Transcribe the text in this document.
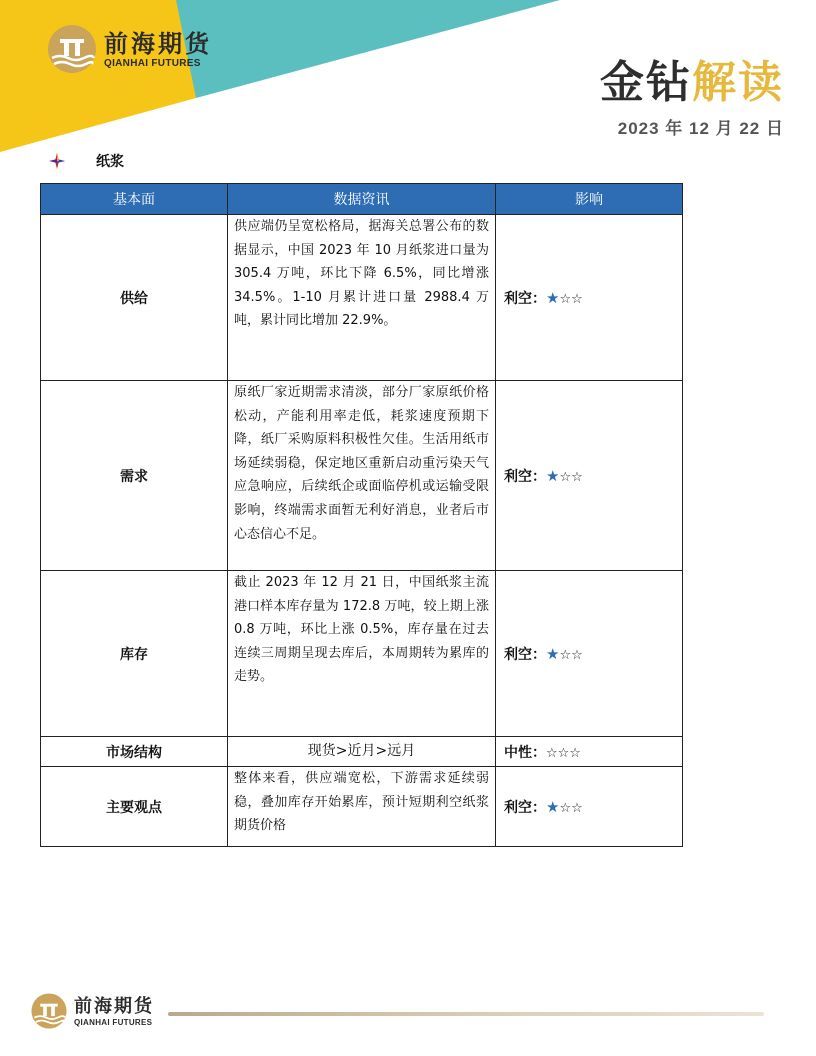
前海期货
QIANHAI FUTURES	金钻解读
2023 年 12 月 22 日
纸浆
基本面	数据资讯	影响
供给	供应端仍呈宽松格局，据海关总署公布的数据显示，中国 2023 年 10 月纸浆进口量为 305.4 万吨，环比下降 6.5%，同比增涨 34.5%。1-10 月累计进口量 2988.4 万吨，累计同比增加 22.9%。	利空：★☆☆
需求	原纸厂家近期需求清淡，部分厂家原纸价格松动，产能利用率走低，耗浆速度预期下降，纸厂采购原料积极性欠佳。生活用纸市场延续弱稳，保定地区重新启动重污染天气应急响应，后续纸企或面临停机或运输受限影响，终端需求面暂无利好消息，业者后市心态信心不足。	利空：★☆☆
库存	截止 2023 年 12 月 21 日，中国纸浆主流港口样本库存量为 172.8 万吨，较上期上涨 0.8 万吨，环比上涨 0.5%，库存量在过去连续三周期呈现去库后，本周期转为累库的走势。	利空：★☆☆
市场结构	现货>近月>远月	中性：☆☆☆
主要观点	整体来看，供应端宽松，下游需求延续弱稳，叠加库存开始累库，预计短期利空纸浆期货价格	利空：★☆☆
前海期货
QIANHAI FUTURES
